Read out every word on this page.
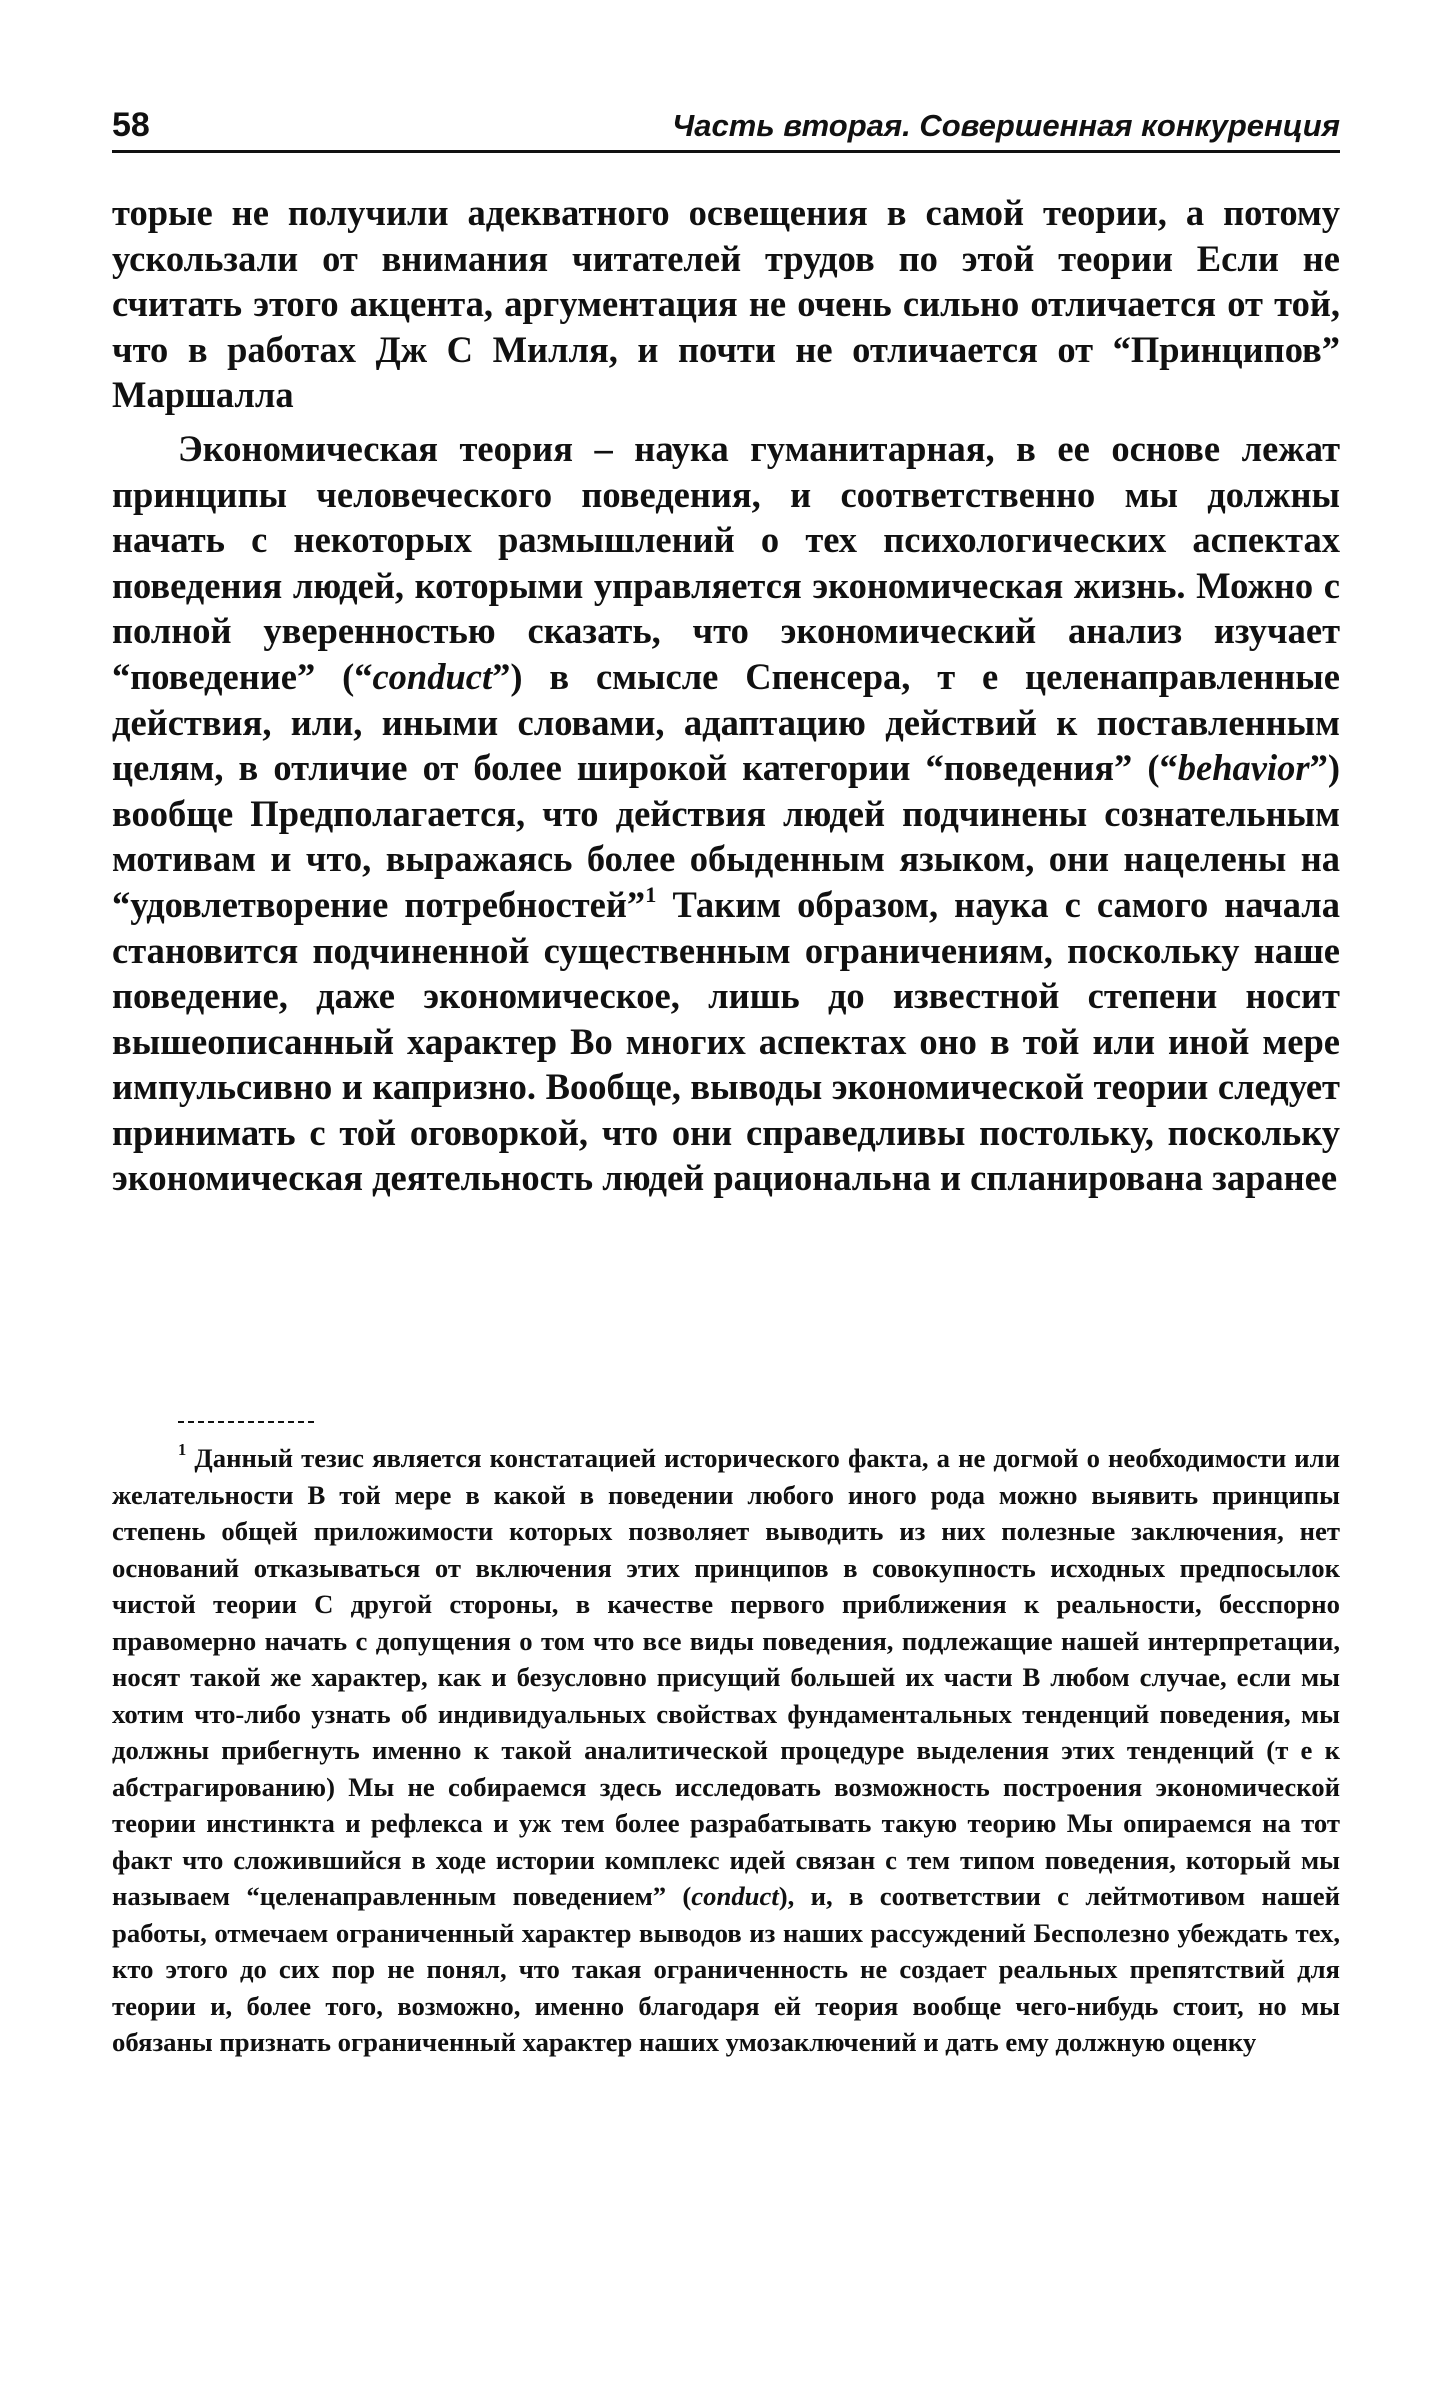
58	Часть вторая. Совершенная конкуренция

торые не получили адекватного освещения в самой теории, а потому ускользали от внимания читателей трудов по этой теории Если не считать этого акцента, аргументация не очень сильно отличается от той, что в работах Дж С Милля, и почти не отличается от “Принципов” Маршалла

Экономическая теория – наука гуманитарная, в ее основе лежат принципы человеческого поведения, и соответственно мы должны начать с некоторых размышлений о тех психологических аспектах поведения людей, которыми управляется экономическая жизнь. Можно с полной уверенностью сказать, что экономический анализ изучает “поведение” (“conduct”) в смысле Спенсера, т е целенаправленные действия, или, иными словами, адаптацию действий к поставленным целям, в отличие от более широкой категории “поведения” (“behavior”) вообще Предполагается, что действия людей подчинены сознательным мотивам и что, выражаясь более обыденным языком, они нацелены на “удовлетворение потребностей”$^1$ Таким образом, наука с самого начала становится подчиненной существенным ограничениям, поскольку наше поведение, даже экономическое, лишь до известной степени носит вышеописанный характер Во многих аспектах оно в той или иной мере импульсивно и капризно. Вообще, выводы экономической теории следует принимать с той оговоркой, что они справедливы постольку, поскольку экономическая деятельность людей рациональна и спланирована заранее

$^1$ Данный тезис является констатацией исторического факта, а не догмой о необходимости или желательности В той мере в какой в поведении любого иного рода можно выявить принципы степень общей приложимости которых позволяет выводить из них полезные заключения, нет оснований отказываться от включения этих принципов в совокупность исходных предпосылок чистой теории С другой стороны, в качестве первого приближения к реальности, бесспорно правомерно начать с допущения о том что все виды поведения, подлежащие нашей интерпретации, носят такой же характер, как и безусловно присущий большей их части В любом случае, если мы хотим что-либо узнать об индивидуальных свойствах фундаментальных тенденций поведения, мы должны прибегнуть именно к такой аналитической процедуре выделения этих тенденций (т е к абстрагированию) Мы не собираемся здесь исследовать возможность построения экономической теории инстинкта и рефлекса и уж тем более разрабатывать такую теорию Мы опираемся на тот факт что сложившийся в ходе истории комплекс идей связан с тем типом поведения, который мы называем “целенаправленным поведением” (conduct), и, в соответствии с лейтмотивом нашей работы, отмечаем ограниченный характер выводов из наших рассуждений Бесполезно убеждать тех, кто этого до сих пор не понял, что такая ограниченность не создает реальных препятствий для теории и, более того, возможно, именно благодаря ей теория вообще чего-нибудь стоит, но мы обязаны признать ограниченный характер наших умозаключений и дать ему должную оценку
